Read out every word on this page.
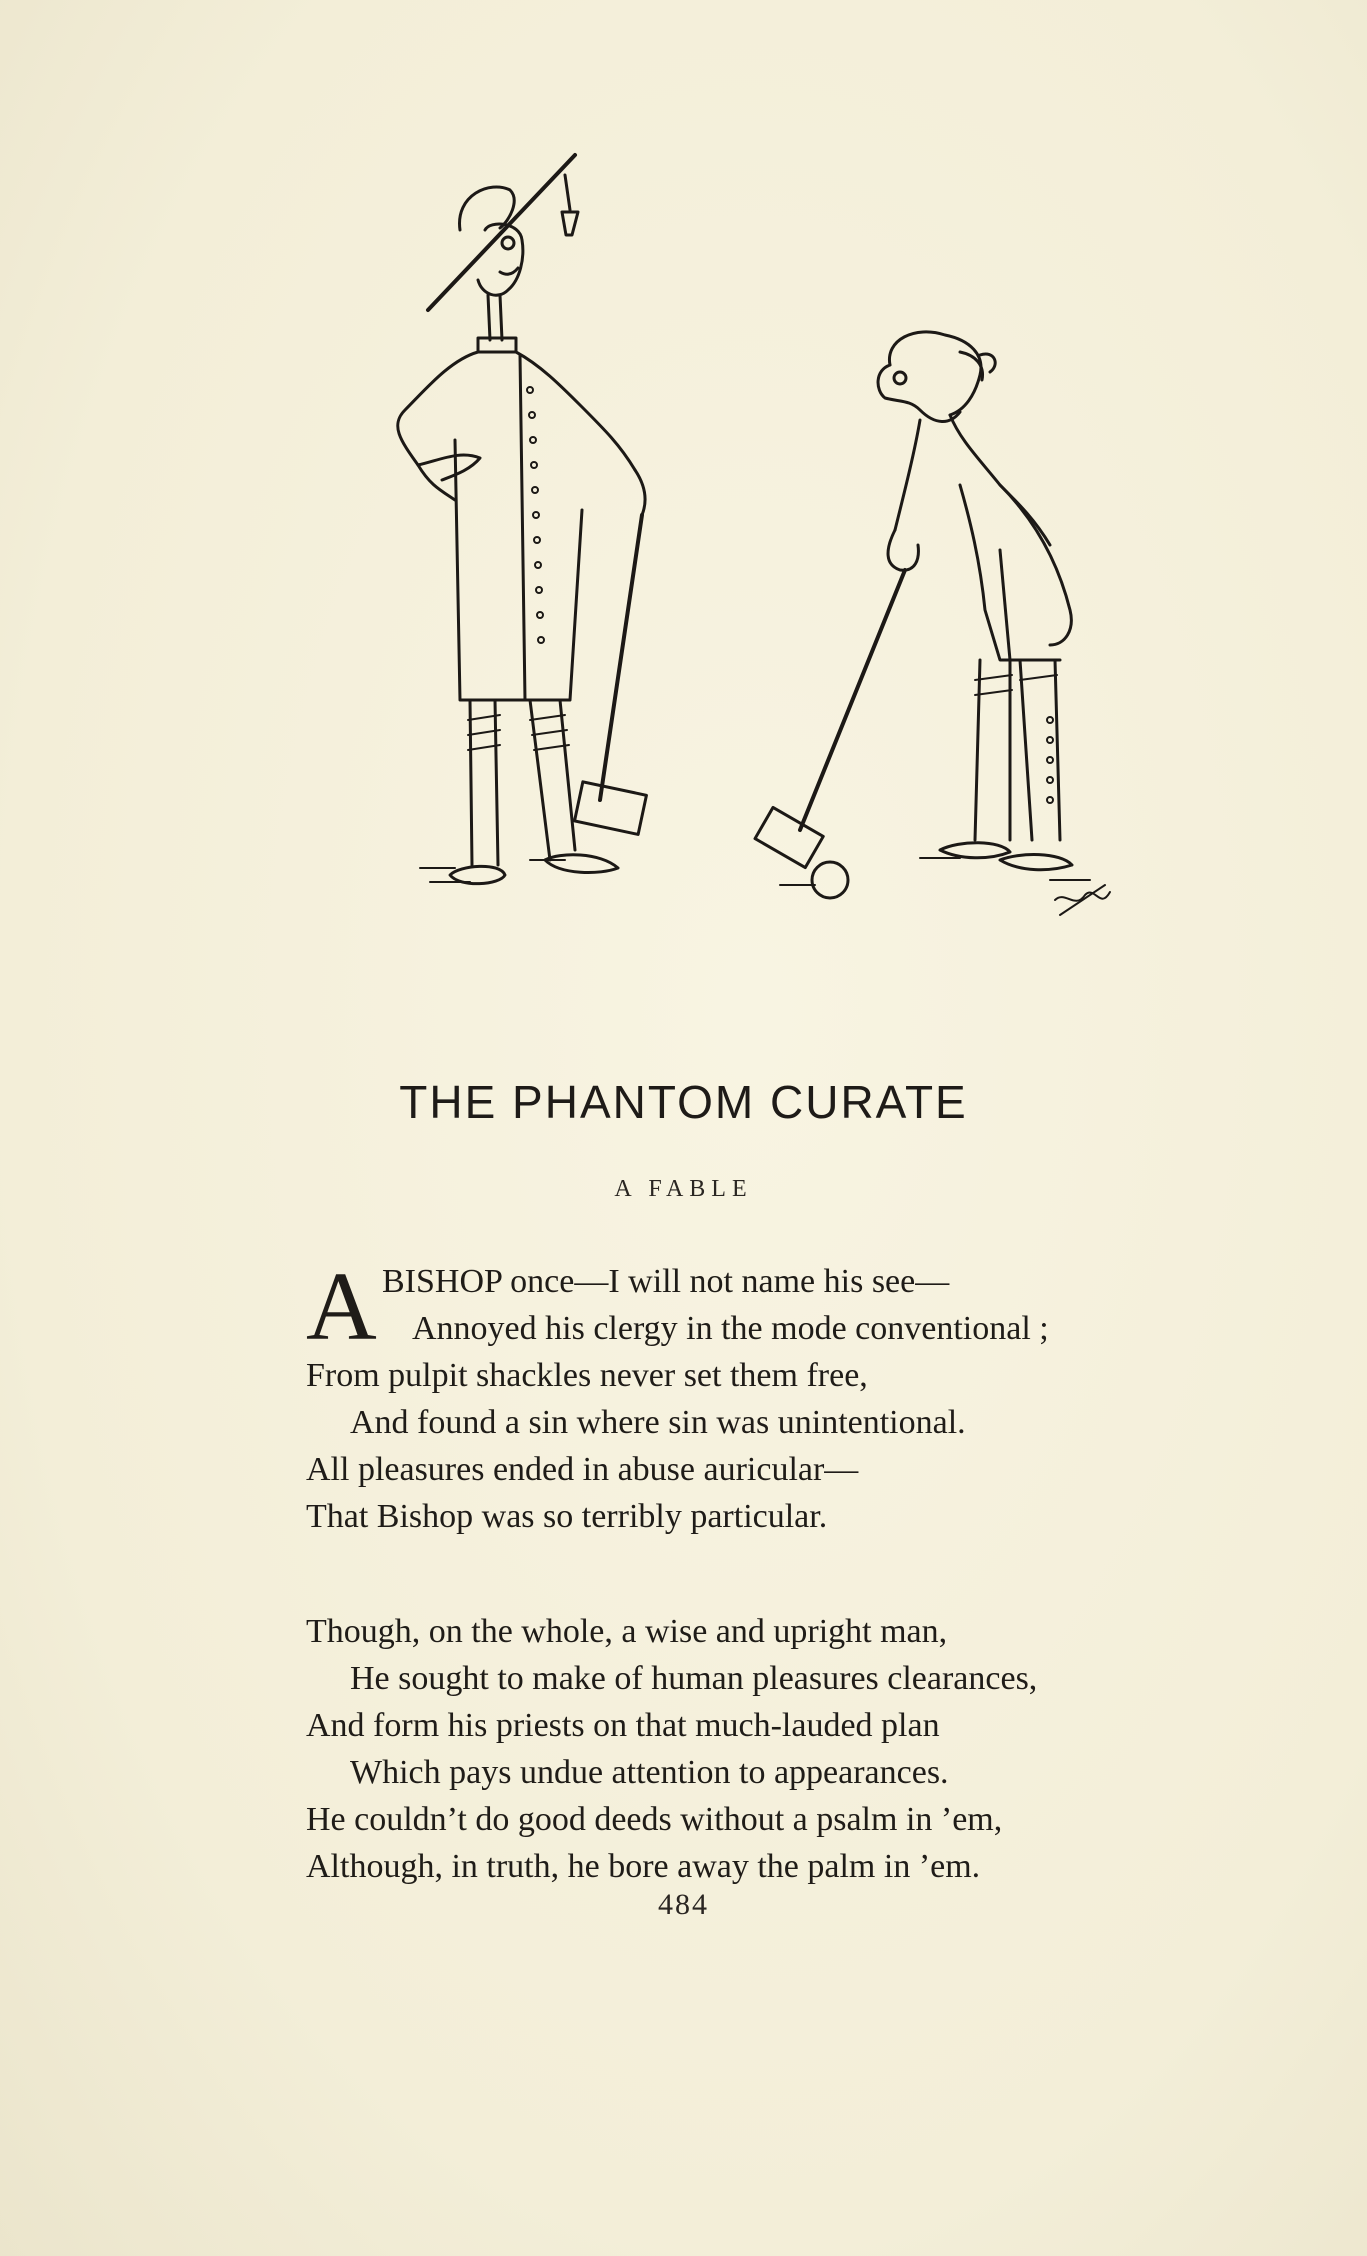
THE PHANTOM CURATE
A FABLE
A BISHOP once—I will not name his see—
Annoyed his clergy in the mode conventional ;
From pulpit shackles never set them free,
And found a sin where sin was unintentional.
All pleasures ended in abuse auricular—
That Bishop was so terribly particular.
Though, on the whole, a wise and upright man,
He sought to make of human pleasures clearances,
And form his priests on that much-lauded plan
Which pays undue attention to appearances.
He couldn’t do good deeds without a psalm in ’em,
Although, in truth, he bore away the palm in ’em.
484
